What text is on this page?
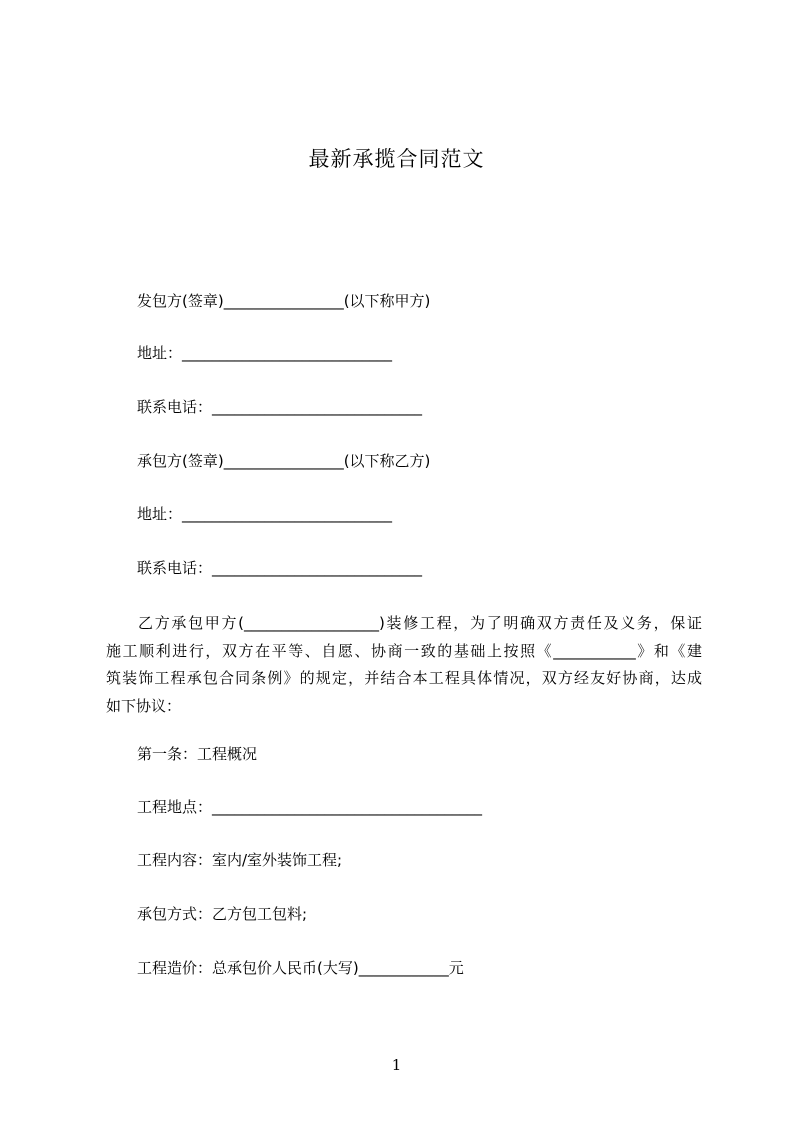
最新承揽合同范文
发包方(签章)________________(以下称甲方)
地址：____________________________
联系电话：____________________________
承包方(签章)________________(以下称乙方)
地址：____________________________
联系电话：____________________________
乙方承包甲方(__________________)装修工程，为了明确双方责任及义务，保证
施工顺利进行，双方在平等、自愿、协商一致的基础上按照《___________》和《建
筑装饰工程承包合同条例》的规定，并结合本工程具体情况，双方经友好协商，达成
如下协议：
第一条：工程概况
工程地点：____________________________________
工程内容：室内/室外装饰工程;
承包方式：乙方包工包料;
工程造价：总承包价人民币(大写)____________元
1
